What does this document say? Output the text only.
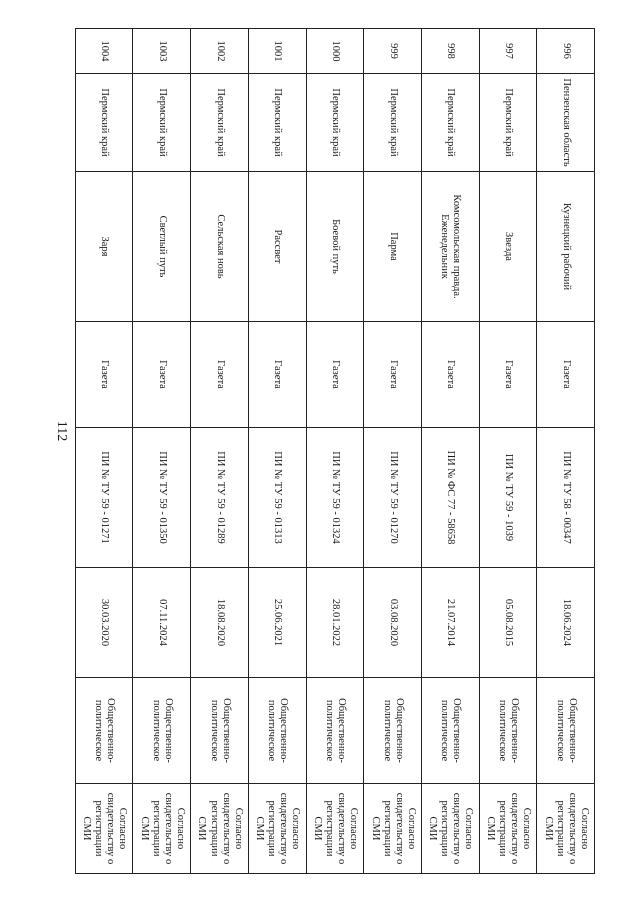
112
996	Пензенская область	Кузнецкий рабочий	Газета	ПИ № ТУ 58 - 00347	18.06.2024	Общественно-политическое	Согласно свидетельству о регистрации СМИ
997	Пермский край	Звезда	Газета	ПИ № ТУ 59 - 1039	05.08.2015	Общественно-политическое	Согласно свидетельству о регистрации СМИ
998	Пермский край	Комсомольская правда. Еженедельник	Газета	ПИ № ФС 77 - 58658	21.07.2014	Общественно-политическое	Согласно свидетельству о регистрации СМИ
999	Пермский край	Парма	Газета	ПИ № ТУ 59 - 01270	03.08.2020	Общественно-политическое	Согласно свидетельству о регистрации СМИ
1000	Пермский край	Боевой путь	Газета	ПИ № ТУ 59 - 01324	28.01.2022	Общественно-политическое	Согласно свидетельству о регистрации СМИ
1001	Пермский край	Рассвет	Газета	ПИ № ТУ 59 - 01313	25.06.2021	Общественно-политическое	Согласно свидетельству о регистрации СМИ
1002	Пермский край	Сельская новь	Газета	ПИ № ТУ 59 - 01289	18.08.2020	Общественно-политическое	Согласно свидетельству о регистрации СМИ
1003	Пермский край	Светлый путь	Газета	ПИ № ТУ 59 - 01350	07.11.2024	Общественно-политическое	Согласно свидетельству о регистрации СМИ
1004	Пермский край	Заря	Газета	ПИ № ТУ 59 - 01271	30.03.2020	Общественно-политическое	Согласно свидетельству о регистрации СМИ
